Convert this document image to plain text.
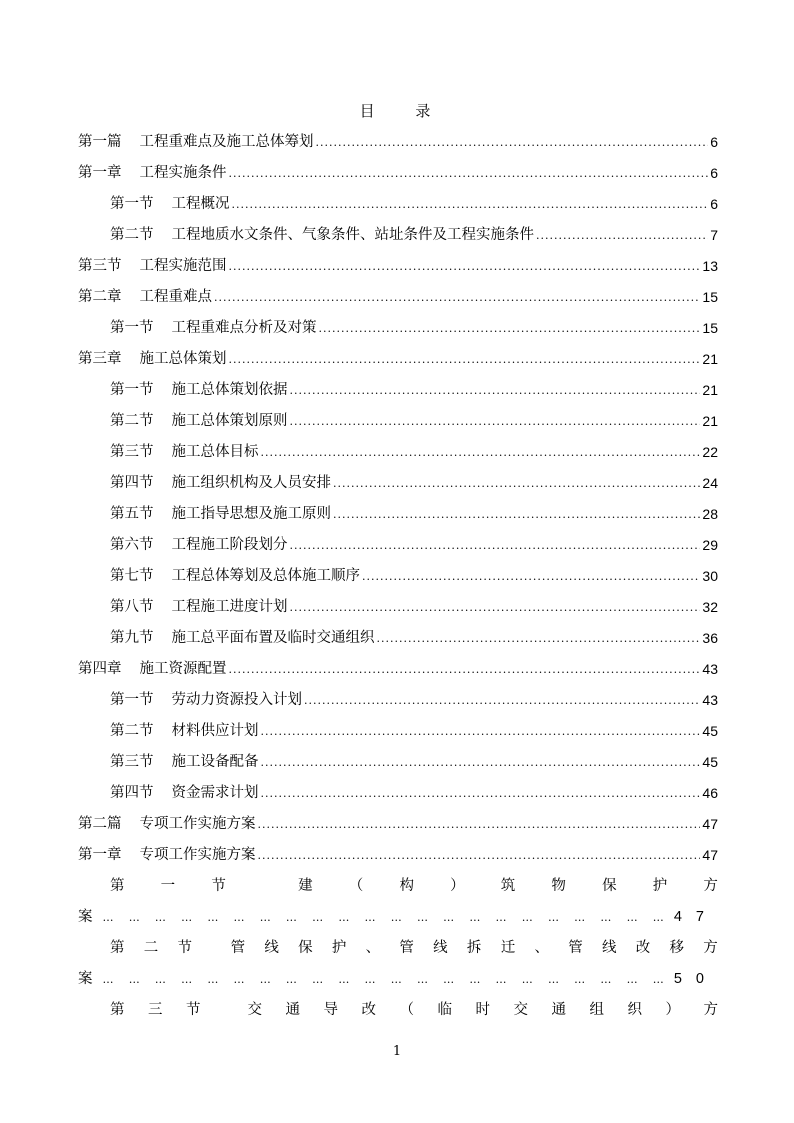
目 录
第一篇 工程重难点及施工总体筹划 .....	6
第一章 工程实施条件 .....	6
第一节 工程概况 .....	6
第二节 工程地质水文条件、气象条件、站址条件及工程实施条件 .....	7
第三节 工程实施范围 .....	13
第二章 工程重难点 .....	15
第一节 工程重难点分析及对策 .....	15
第三章 施工总体策划 .....	21
第一节 施工总体策划依据 .....	21
第二节 施工总体策划原则 .....	21
第三节 施工总体目标 .....	22
第四节 施工组织机构及人员安排 .....	24
第五节 施工指导思想及施工原则 .....	28
第六节 工程施工阶段划分 .....	29
第七节 工程总体筹划及总体施工顺序 .....	30
第八节 工程施工进度计划 .....	32
第九节 施工总平面布置及临时交通组织 .....	36
第四章 施工资源配置 .....	43
第一节 劳动力资源投入计划 .....	43
第二节 材料供应计划 .....	45
第三节 施工设备配备 .....	45
第四节 资金需求计划 .....	46
第二篇 专项工作实施方案 .....	47
第一章 专项工作实施方案 .....	47
第 一 节	建 （ 构 ） 筑 物 保 护 方
案 … … … … … … … … … … … … … … … … … … … … … … 47
第 二 节	管 线 保 护 、 管 线 拆 迁 、 管 线 改 移 方
案 … … … … … … … … … … … … … … … … … … … … … … 50
第 三 节	交 通 导 改 （ 临 时 交 通 组 织 ） 方
1
